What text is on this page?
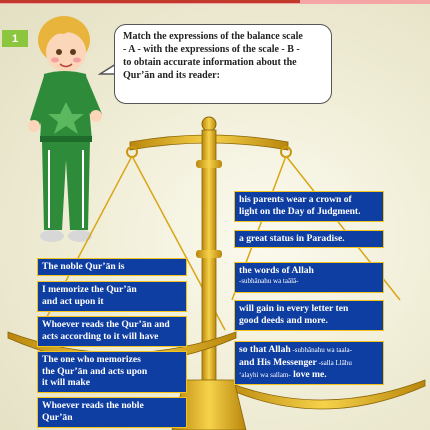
1	Match the expressions of the balance scale
- A - with the expressions of the scale - B -
to obtain accurate information about the
Qur’ān and its reader:
The noble Qur’ān is
I memorize the Qur’ān
and act upon it
Whoever reads the Qur’ān and
acts according to it will have
The one who memorizes
the Qur’ān and acts upon
it will make
Whoever reads the noble
Qur’ān
his parents wear a crown of
light on the Day of Judgment.
a great status in Paradise.
the words of Allah
-subhānahu wa taālā-
will gain in every letter ten
good deeds and more.
so that Allah -subhānahu wa taala-
and His Messenger -salla Llāhu
‘alayhi wa sallam- love me.
